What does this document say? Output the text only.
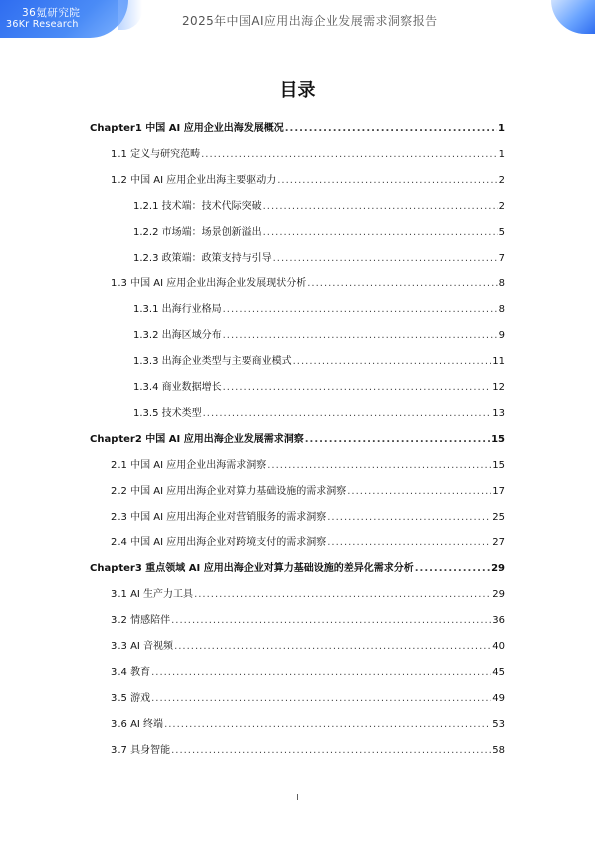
36氪研究院
36Kr Research	2025年中国AI应用出海企业发展需求洞察报告
目录
Chapter1 中国 AI 应用企业出海发展概况 .....	1
1.1 定义与研究范畴 .....	1
1.2 中国 AI 应用企业出海主要驱动力 .....	2
1.2.1 技术端：技术代际突破 .....	2
1.2.2 市场端：场景创新溢出 .....	5
1.2.3 政策端：政策支持与引导 .....	7
1.3 中国 AI 应用企业出海企业发展现状分析 .....	8
1.3.1 出海行业格局 .....	8
1.3.2 出海区域分布 .....	9
1.3.3 出海企业类型与主要商业模式 .....	11
1.3.4 商业数据增长 .....	12
1.3.5 技术类型 .....	13
Chapter2 中国 AI 应用出海企业发展需求洞察 .....	15
2.1 中国 AI 应用企业出海需求洞察 .....	15
2.2 中国 AI 应用出海企业对算力基础设施的需求洞察 .....	17
2.3 中国 AI 应用出海企业对营销服务的需求洞察 .....	25
2.4 中国 AI 应用出海企业对跨境支付的需求洞察 .....	27
Chapter3 重点领域 AI 应用出海企业对算力基础设施的差异化需求分析 .....	29
3.1 AI 生产力工具 .....	29
3.2 情感陪伴 .....	36
3.3 AI 音视频 .....	40
3.4 教育 .....	45
3.5 游戏 .....	49
3.6 AI 终端 .....	53
3.7 具身智能 .....	58
I
